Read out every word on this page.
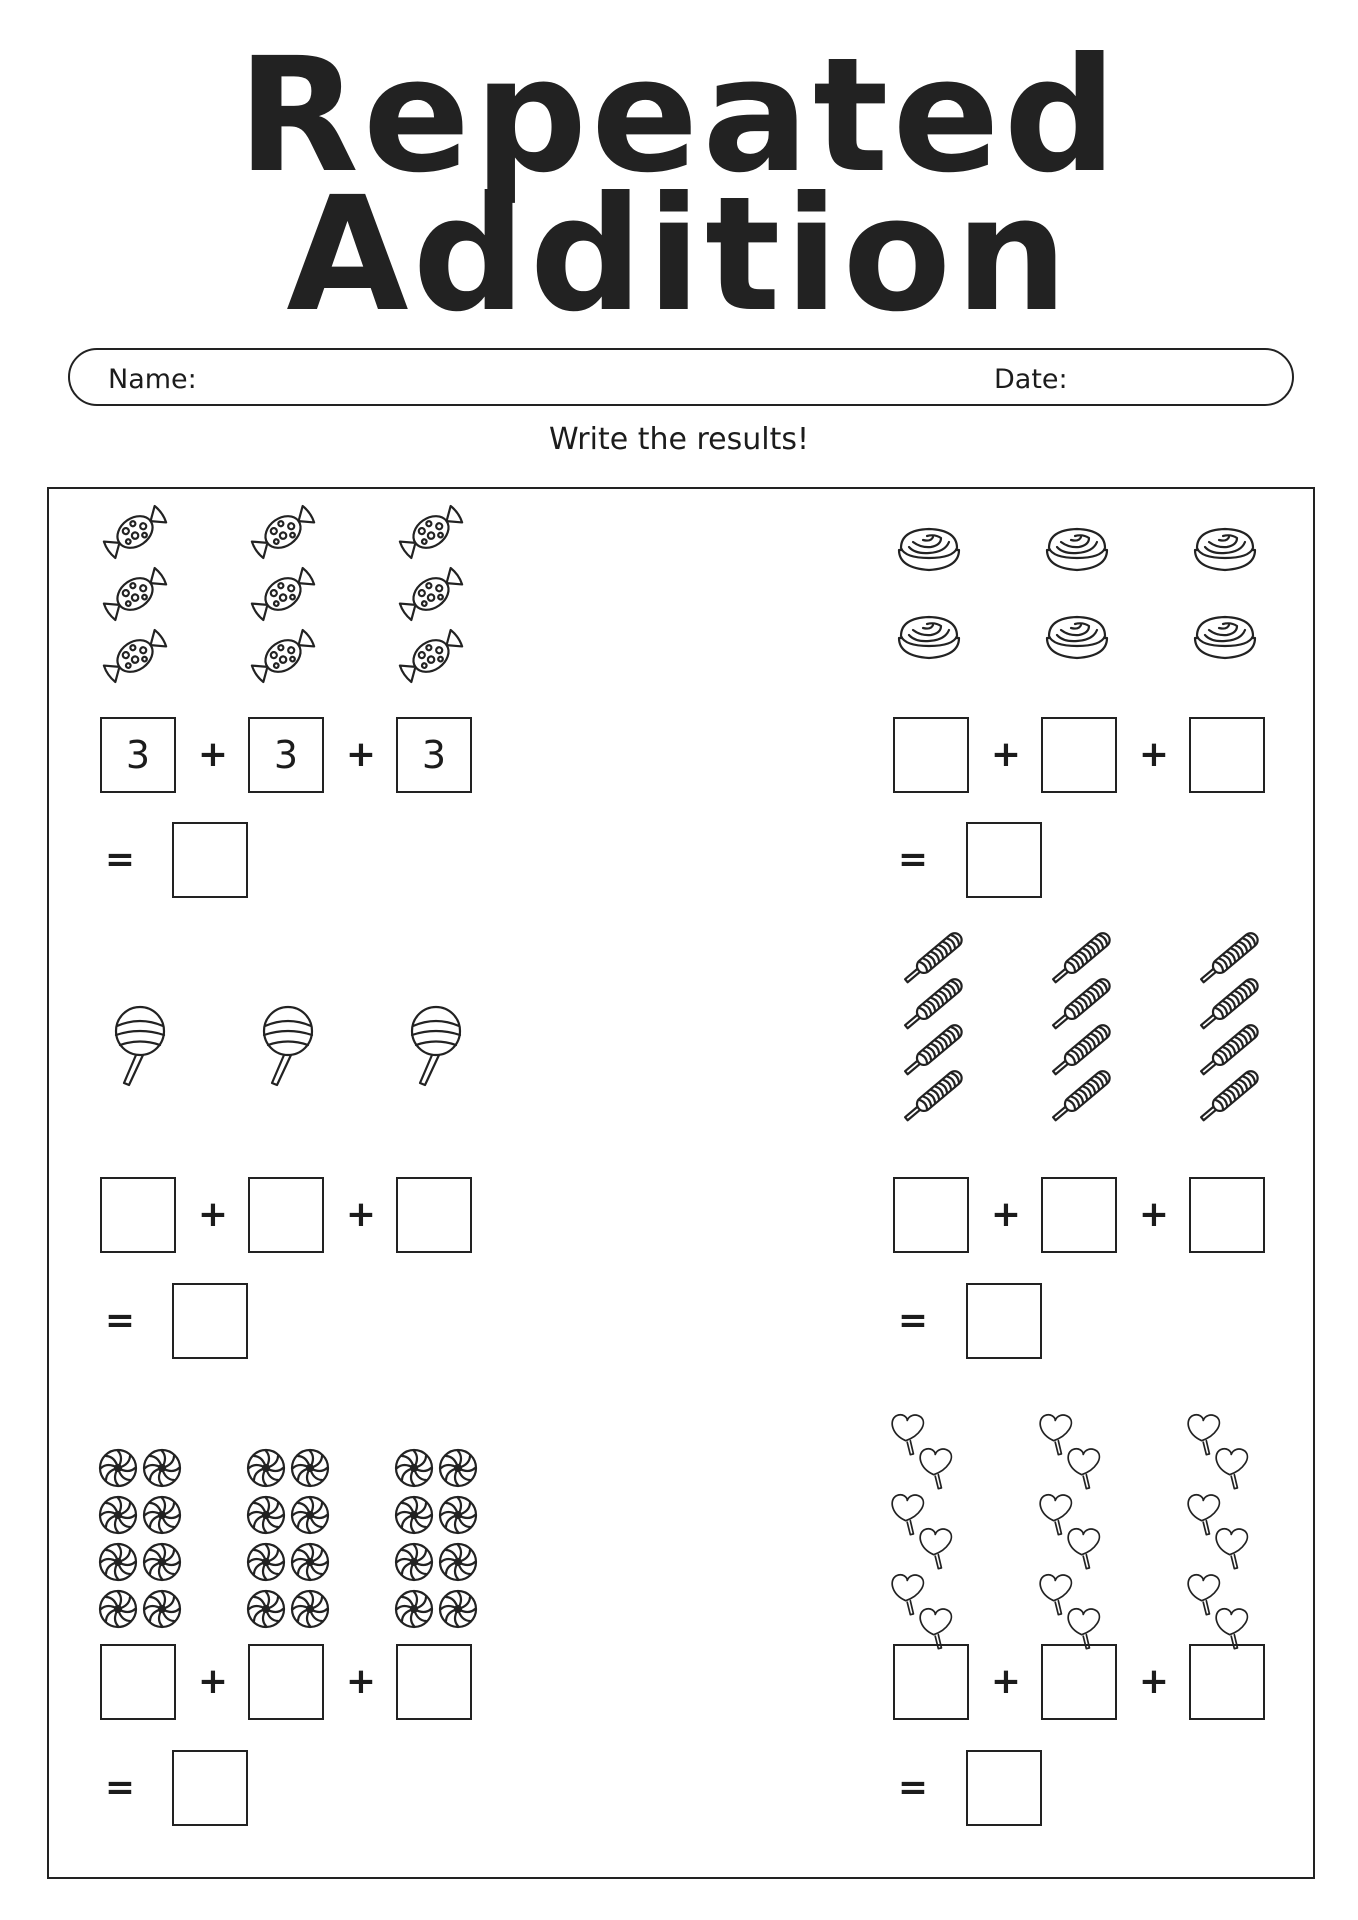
Repeated
Addition
Name:	Date:
Write the results!
3	3	3
+	+
=
+	+
=
+	+
=
+	+
=
+	+
=
+	+
=
